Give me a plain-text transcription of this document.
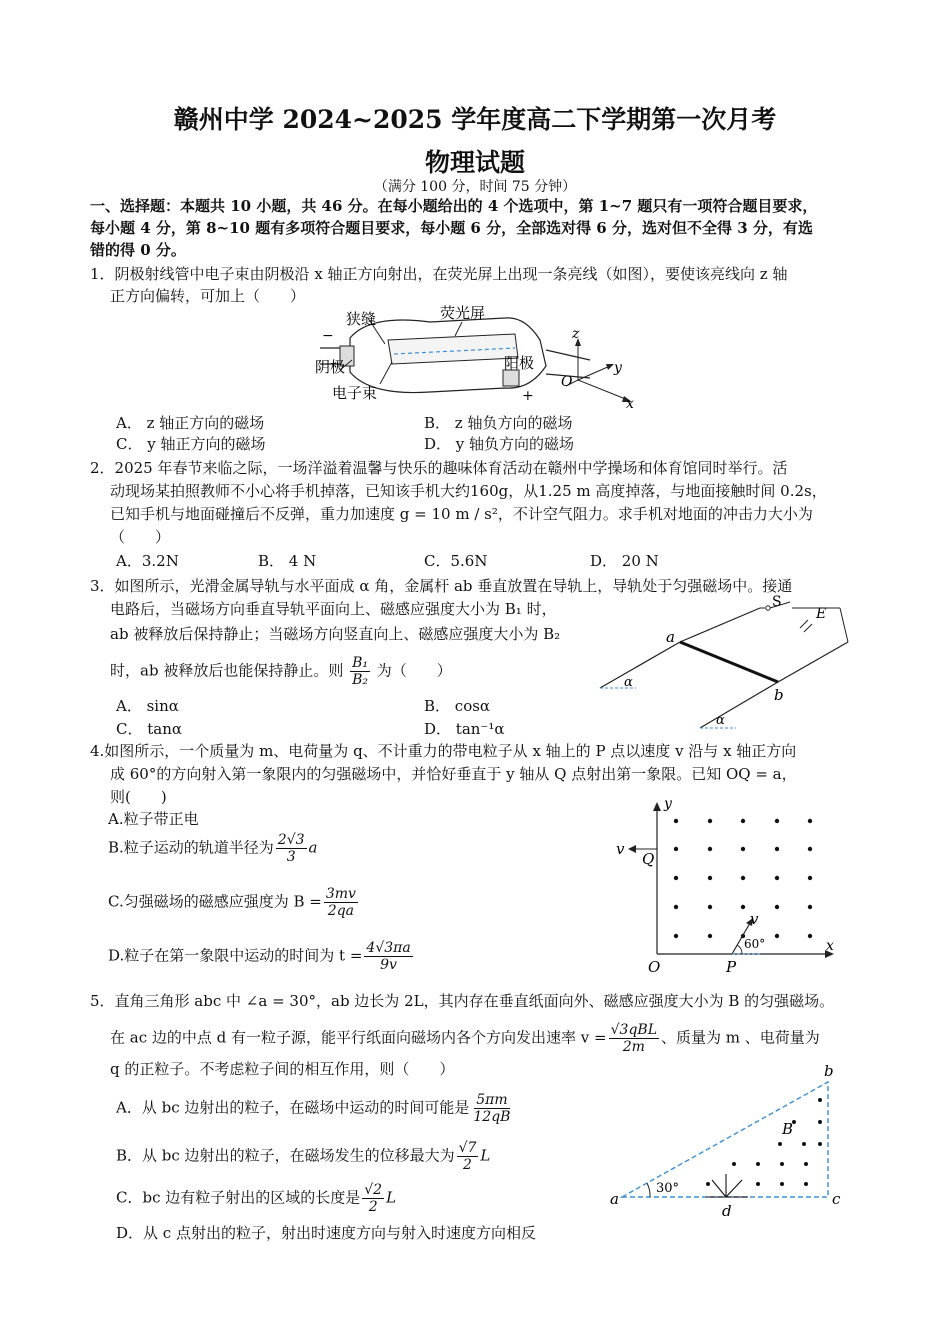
赣州中学 2024~2025 学年度高二下学期第一次月考
物理试题
（满分 100 分，时间 75 分钟）
一、选择题：本题共 10 小题，共 46 分。在每小题给出的 4 个选项中，第 1~7 题只有一项符合题目要求，
每小题 4 分，第 8~10 题有多项符合题目要求，每小题 6 分，全部选对得 6 分，选对但不全得 3 分，有选
错的得 0 分。
1．阴极射线管中电子束由阴极沿 x 轴正方向射出，在荧光屏上出现一条亮线（如图），要使该亮线向 z 轴
正方向偏转，可加上（　　）
狭缝	荧光屏
阴极	阳极
电子束
−
+
z
y
x
O
A． z 轴正方向的磁场	B． z 轴负方向的磁场
C． y 轴正方向的磁场	D． y 轴负方向的磁场
2．2025 年春节来临之际，一场洋溢着温馨与快乐的趣味体育活动在赣州中学操场和体育馆同时举行。活
动现场某拍照教师不小心将手机掉落，已知该手机大约160g，从1.25 m 高度掉落，与地面接触时间 0.2s，
已知手机与地面碰撞后不反弹，重力加速度 g = 10 m / s²，不计空气阻力。求手机对地面的冲击力大小为
（　　）
A．3.2N	B． 4 N	C．5.6N	D． 20 N
3．如图所示，光滑金属导轨与水平面成 α 角，金属杆 ab 垂直放置在导轨上，导轨处于匀强磁场中。接通
电路后，当磁场方向垂直导轨平面向上、磁感应强度大小为 B₁ 时，
ab 被释放后保持静止；当磁场方向竖直向上、磁感应强度大小为 B₂
时，ab 被释放后也能保持静止。则 $\frac{\text{B₁}}{\text{B₂}}$ 为（　　）
S
E
a
b
α
α
A． sinα	B． cosα
C． tanα	D． tan⁻¹α
4.如图所示，一个质量为 m、电荷量为 q、不计重力的带电粒子从 x 轴上的 P 点以速度 v 沿与 x 轴正方向
成 60°的方向射入第一象限内的匀强磁场中，并恰好垂直于 y 轴从 Q 点射出第一象限。已知 OQ = a，
则(　　)
A.粒子带正电
B.粒子运动的轨道半径为 $\frac{2√3}{3}$ a
C.匀强磁场的磁感应强度为 $B = \frac{3mv}{2qa}$
D.粒子在第一象限中运动的时间为 $t = \frac{4√3\pi a}{9v}$
y
x
O	P
Q
v
v
60°
5．直角三角形 abc 中 ∠a = 30°，ab 边长为 2L，其内存在垂直纸面向外、磁感应强度大小为 B 的匀强磁场。
在 ac 边的中点 d 有一粒子源，能平行纸面向磁场内各个方向发出速率 $v = \frac{\text{√3qBL}}{2m}$ 、质量为 m 、电荷量为
q 的正粒子。不考虑粒子间的相互作用，则（　　）
A．从 bc 边射出的粒子，在磁场中运动的时间可能是 $\frac{5\pi m}{12qB}$
B．从 bc 边射出的粒子，在磁场发生的位移最大为 $\frac{√7}{2}$ L
C．bc 边有粒子射出的区域的长度是 $\frac{√2}{2}$ L
D．从 c 点射出的粒子，射出时速度方向与射入时速度方向相反
a
b
c
d
B
30°
